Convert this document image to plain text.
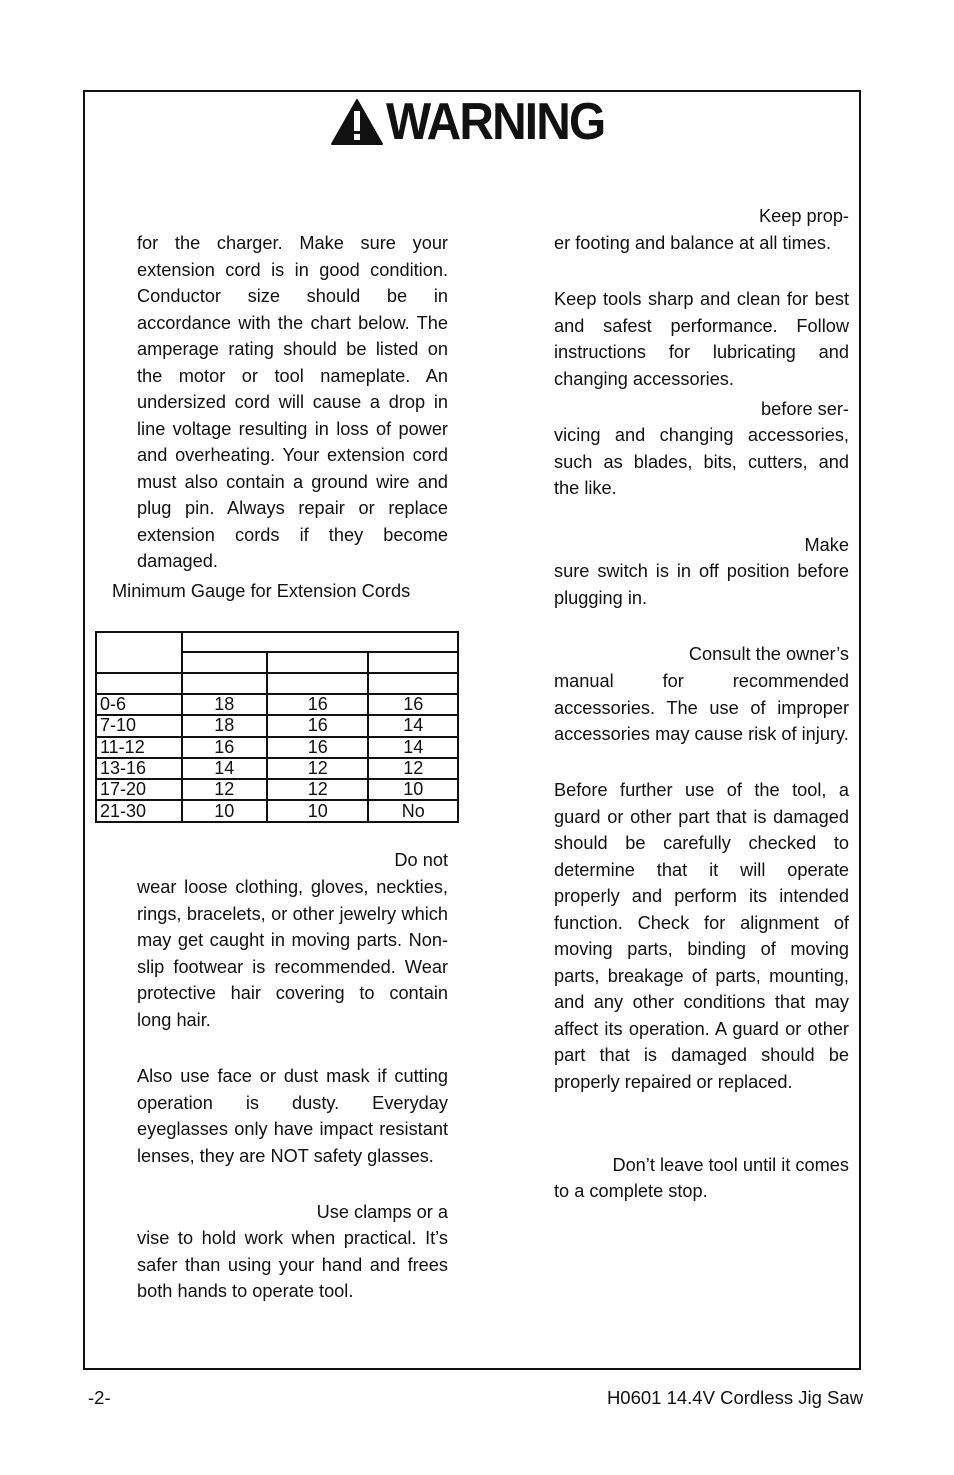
WARNING

for the charger. Make sure your extension cord is in good condition. Conductor size should be in accordance with the chart below. The amperage rating should be listed on the motor or tool nameplate. An undersized cord will cause a drop in line voltage resulting in loss of power and overheating. Your extension cord must also contain a ground wire and plug pin. Always repair or replace extension cords if they become damaged.

Minimum Gauge for Extension Cords

0-6	18	16	16
7-10	18	16	14
11-12	16	16	14
13-16	14	12	12
17-20	12	12	10
21-30	10	10	No

Do not

wear loose clothing, gloves, neckties, rings, bracelets, or other jewelry which may get caught in moving parts. Non-slip footwear is recommended. Wear protective hair covering to contain long hair.

Also use face or dust mask if cutting operation is dusty. Everyday eyeglasses only have impact resistant lenses, they are NOT safety glasses.

Use clamps or a

vise to hold work when practical. It’s safer than using your hand and frees both hands to operate tool.

Keep prop-

er footing and balance at all times.

Keep tools sharp and clean for best and safest performance. Follow instructions for lubricating and changing accessories.

before ser-

vicing and changing accessories, such as blades, bits, cutters, and the like.

Make

sure switch is in off position before plugging in.

Consult the owner’s

manual for recommended accessories. The use of improper accessories may cause risk of injury.

Before further use of the tool, a guard or other part that is damaged should be carefully checked to determine that it will operate properly and perform its intended function. Check for alignment of moving parts, binding of moving parts, breakage of parts, mounting, and any other conditions that may affect its operation. A guard or other part that is damaged should be properly repaired or replaced.

Don’t leave tool until it comes

to a complete stop.

-2-	H0601 14.4V Cordless Jig Saw
